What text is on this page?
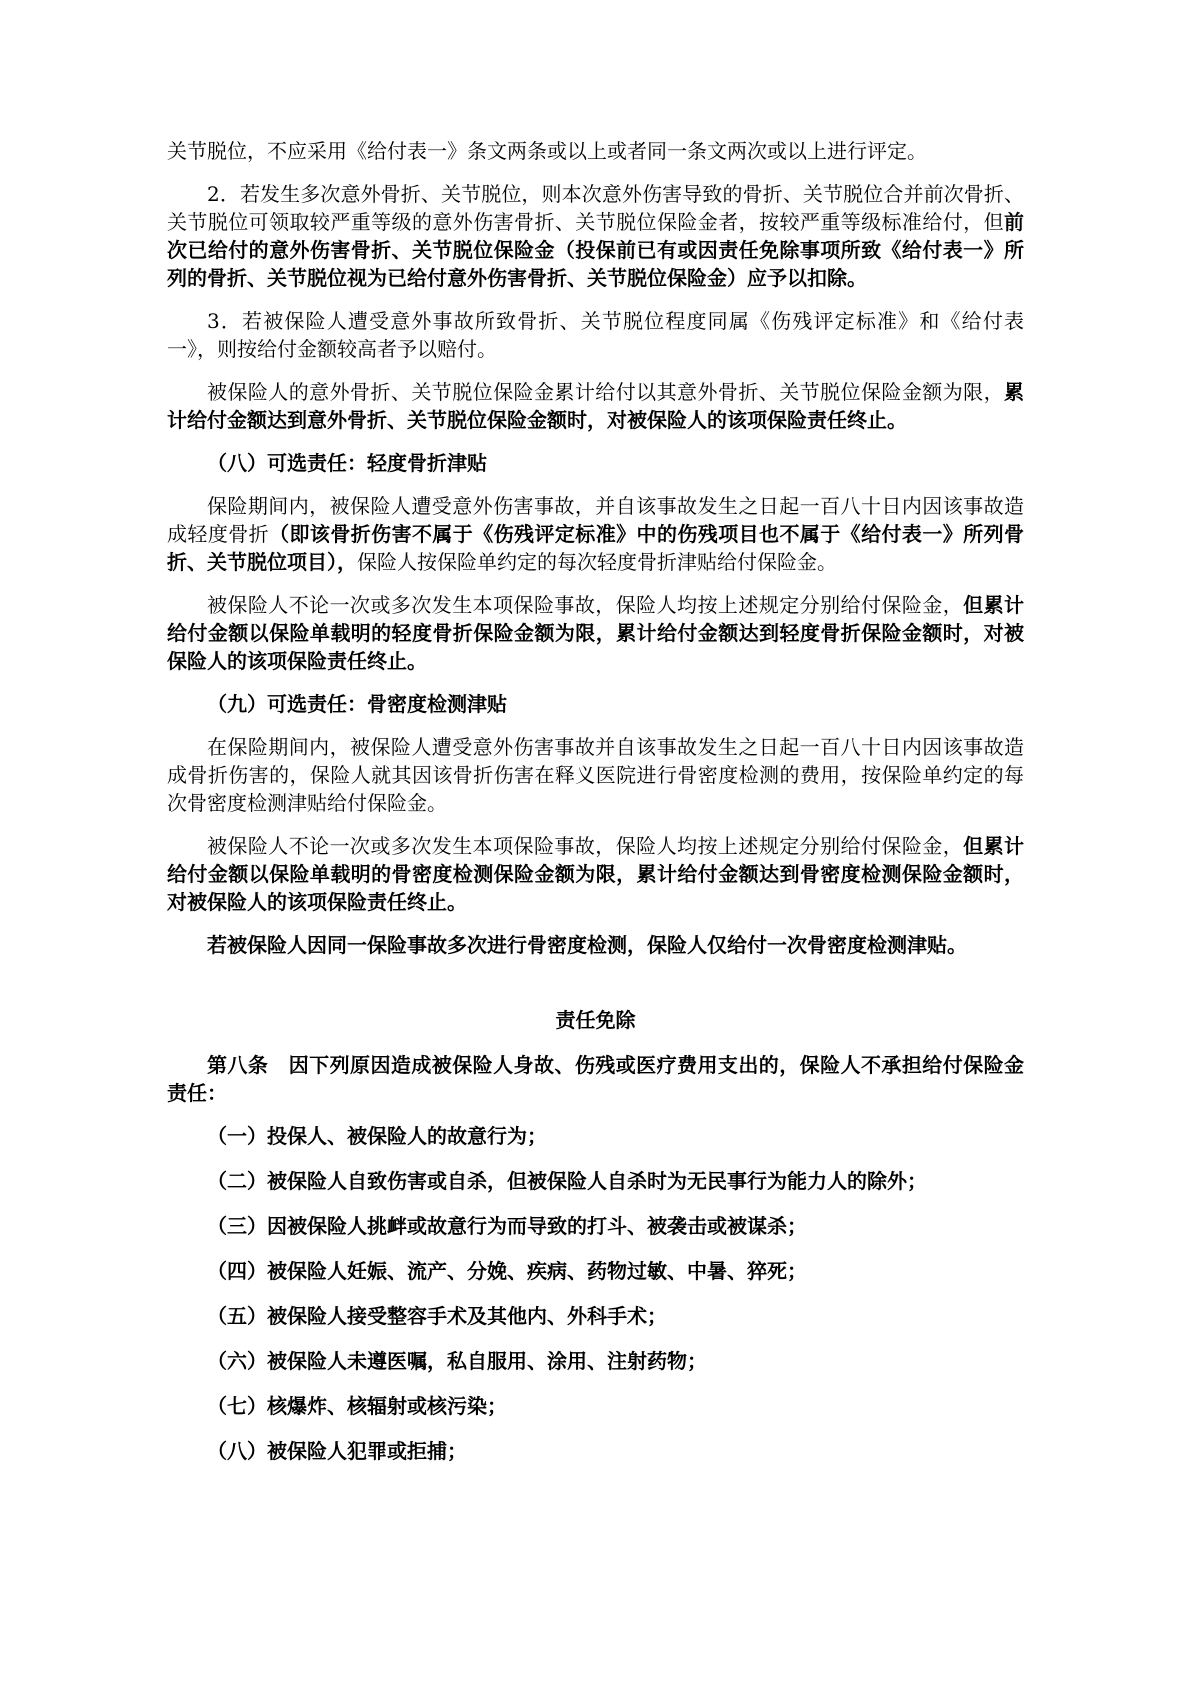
关节脱位，不应采用《给付表一》条文两条或以上或者同一条文两次或以上进行评定。

2．若发生多次意外骨折、关节脱位，则本次意外伤害导致的骨折、关节脱位合并前次骨折、关节脱位可领取较严重等级的意外伤害骨折、关节脱位保险金者，按较严重等级标准给付，但前次已给付的意外伤害骨折、关节脱位保险金（投保前已有或因责任免除事项所致《给付表一》所列的骨折、关节脱位视为已给付意外伤害骨折、关节脱位保险金）应予以扣除。

3．若被保险人遭受意外事故所致骨折、关节脱位程度同属《伤残评定标准》和《给付表一》，则按给付金额较高者予以赔付。

被保险人的意外骨折、关节脱位保险金累计给付以其意外骨折、关节脱位保险金额为限，累计给付金额达到意外骨折、关节脱位保险金额时，对被保险人的该项保险责任终止。

（八）可选责任：轻度骨折津贴

保险期间内，被保险人遭受意外伤害事故，并自该事故发生之日起一百八十日内因该事故造成轻度骨折（即该骨折伤害不属于《伤残评定标准》中的伤残项目也不属于《给付表一》所列骨折、关节脱位项目），保险人按保险单约定的每次轻度骨折津贴给付保险金。

被保险人不论一次或多次发生本项保险事故，保险人均按上述规定分别给付保险金，但累计给付金额以保险单载明的轻度骨折保险金额为限，累计给付金额达到轻度骨折保险金额时，对被保险人的该项保险责任终止。

（九）可选责任：骨密度检测津贴

在保险期间内，被保险人遭受意外伤害事故并自该事故发生之日起一百八十日内因该事故造成骨折伤害的，保险人就其因该骨折伤害在释义医院进行骨密度检测的费用，按保险单约定的每次骨密度检测津贴给付保险金。

被保险人不论一次或多次发生本项保险事故，保险人均按上述规定分别给付保险金，但累计给付金额以保险单载明的骨密度检测保险金额为限，累计给付金额达到骨密度检测保险金额时，对被保险人的该项保险责任终止。

若被保险人因同一保险事故多次进行骨密度检测，保险人仅给付一次骨密度检测津贴。

责任免除

第八条　因下列原因造成被保险人身故、伤残或医疗费用支出的，保险人不承担给付保险金责任：

（一）投保人、被保险人的故意行为；

（二）被保险人自致伤害或自杀，但被保险人自杀时为无民事行为能力人的除外；

（三）因被保险人挑衅或故意行为而导致的打斗、被袭击或被谋杀；

（四）被保险人妊娠、流产、分娩、疾病、药物过敏、中暑、猝死；

（五）被保险人接受整容手术及其他内、外科手术；

（六）被保险人未遵医嘱，私自服用、涂用、注射药物；

（七）核爆炸、核辐射或核污染；

（八）被保险人犯罪或拒捕；
